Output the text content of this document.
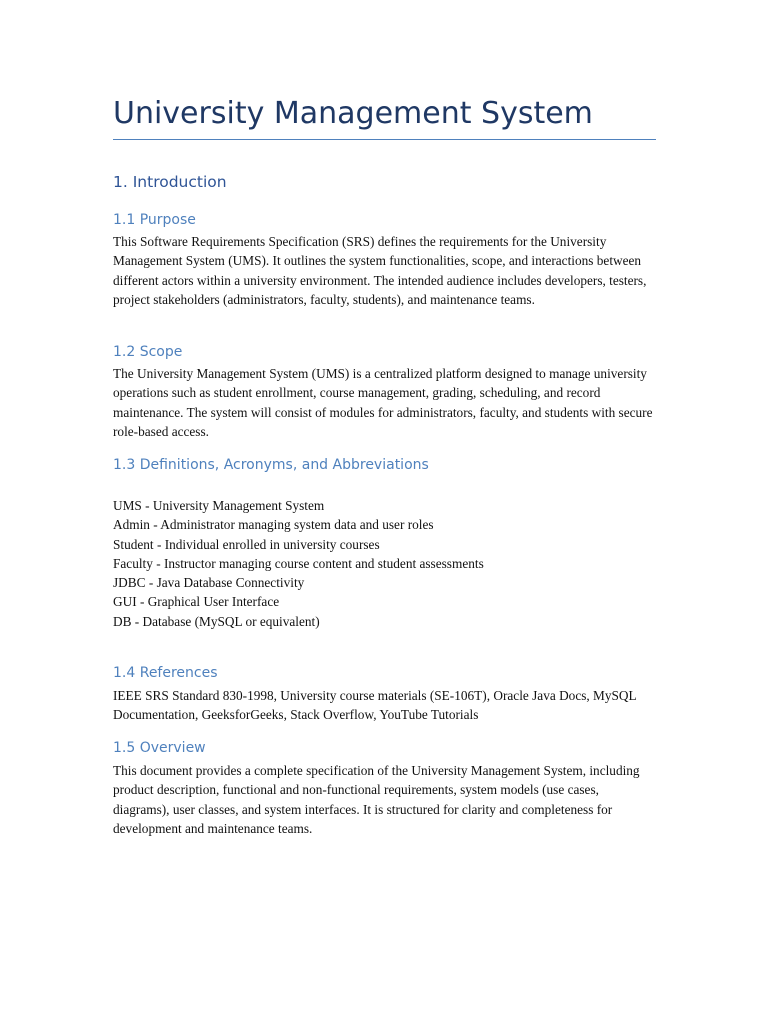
University Management System
1. Introduction
1.1 Purpose

This Software Requirements Specification (SRS) defines the requirements for the University Management System (UMS). It outlines the system functionalities, scope, and interactions between different actors within a university environment. The intended audience includes developers, testers, project stakeholders (administrators, faculty, students), and maintenance teams.

1.2 Scope

The University Management System (UMS) is a centralized platform designed to manage university operations such as student enrollment, course management, grading, scheduling, and record maintenance. The system will consist of modules for administrators, faculty, and students with secure role-based access.

1.3 Definitions, Acronyms, and Abbreviations
UMS - University Management System
Admin - Administrator managing system data and user roles
Student - Individual enrolled in university courses
Faculty - Instructor managing course content and student assessments
JDBC - Java Database Connectivity
GUI - Graphical User Interface
DB - Database (MySQL or equivalent)
1.4 References

IEEE SRS Standard 830-1998, University course materials (SE-106T), Oracle Java Docs, MySQL Documentation, GeeksforGeeks, Stack Overflow, YouTube Tutorials

1.5 Overview

This document provides a complete specification of the University Management System, including product description, functional and non-functional requirements, system models (use cases, diagrams), user classes, and system interfaces. It is structured for clarity and completeness for development and maintenance teams.
